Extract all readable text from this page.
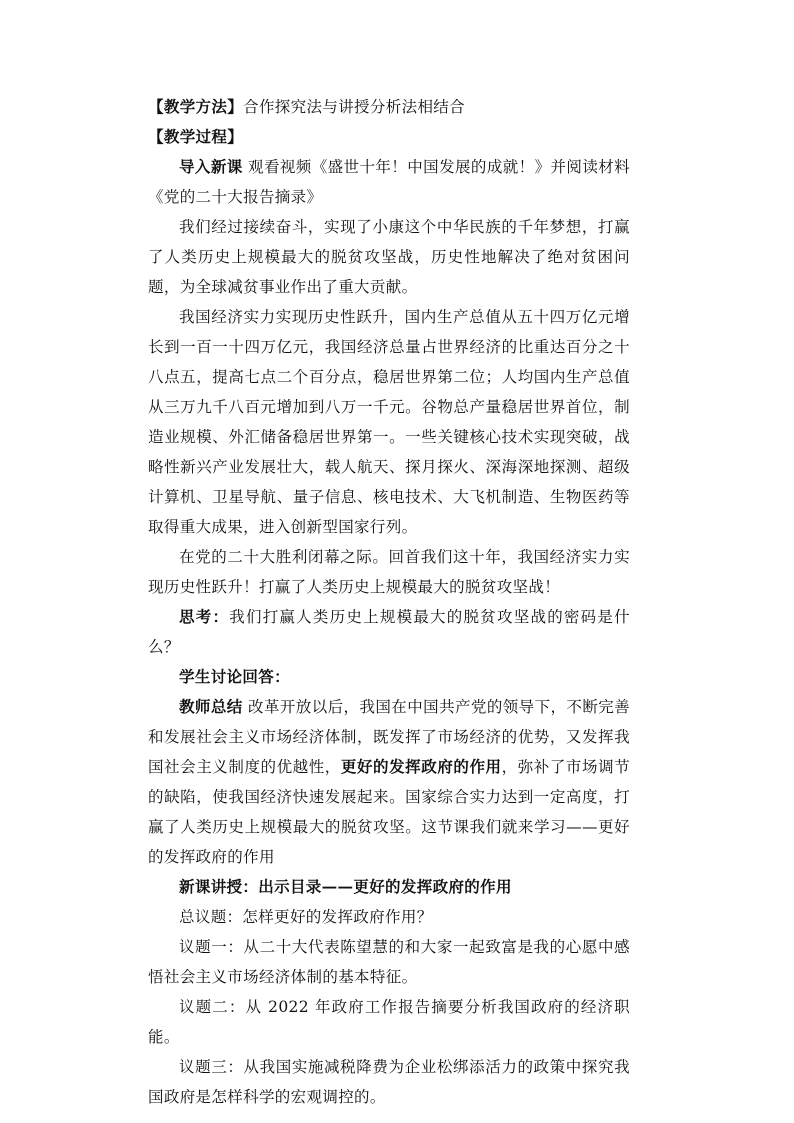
【教学方法】合作探究法与讲授分析法相结合

【教学过程】

导入新课 观看视频《盛世十年！中国发展的成就！》并阅读材料《党的二十大报告摘录》

我们经过接续奋斗，实现了小康这个中华民族的千年梦想，打赢了人类历史上规模最大的脱贫攻坚战，历史性地解决了绝对贫困问题，为全球减贫事业作出了重大贡献。

我国经济实力实现历史性跃升，国内生产总值从五十四万亿元增长到一百一十四万亿元，我国经济总量占世界经济的比重达百分之十八点五，提高七点二个百分点，稳居世界第二位；人均国内生产总值从三万九千八百元增加到八万一千元。谷物总产量稳居世界首位，制造业规模、外汇储备稳居世界第一。一些关键核心技术实现突破，战略性新兴产业发展壮大，载人航天、探月探火、深海深地探测、超级计算机、卫星导航、量子信息、核电技术、大飞机制造、生物医药等取得重大成果，进入创新型国家行列。

在党的二十大胜利闭幕之际。回首我们这十年，我国经济实力实现历史性跃升！打赢了人类历史上规模最大的脱贫攻坚战！

思考：我们打赢人类历史上规模最大的脱贫攻坚战的密码是什么？

学生讨论回答：

教师总结 改革开放以后，我国在中国共产党的领导下，不断完善和发展社会主义市场经济体制，既发挥了市场经济的优势，又发挥我国社会主义制度的优越性，更好的发挥政府的作用，弥补了市场调节的缺陷，使我国经济快速发展起来。国家综合实力达到一定高度，打赢了人类历史上规模最大的脱贫攻坚。这节课我们就来学习——更好的发挥政府的作用

新课讲授：出示目录——更好的发挥政府的作用

总议题：怎样更好的发挥政府作用？

议题一：从二十大代表陈望慧的和大家一起致富是我的心愿中感悟社会主义市场经济体制的基本特征。

议题二：从 2022 年政府工作报告摘要分析我国政府的经济职能。

议题三：从我国实施减税降费为企业松绑添活力的政策中探究我国政府是怎样科学的宏观调控的。
